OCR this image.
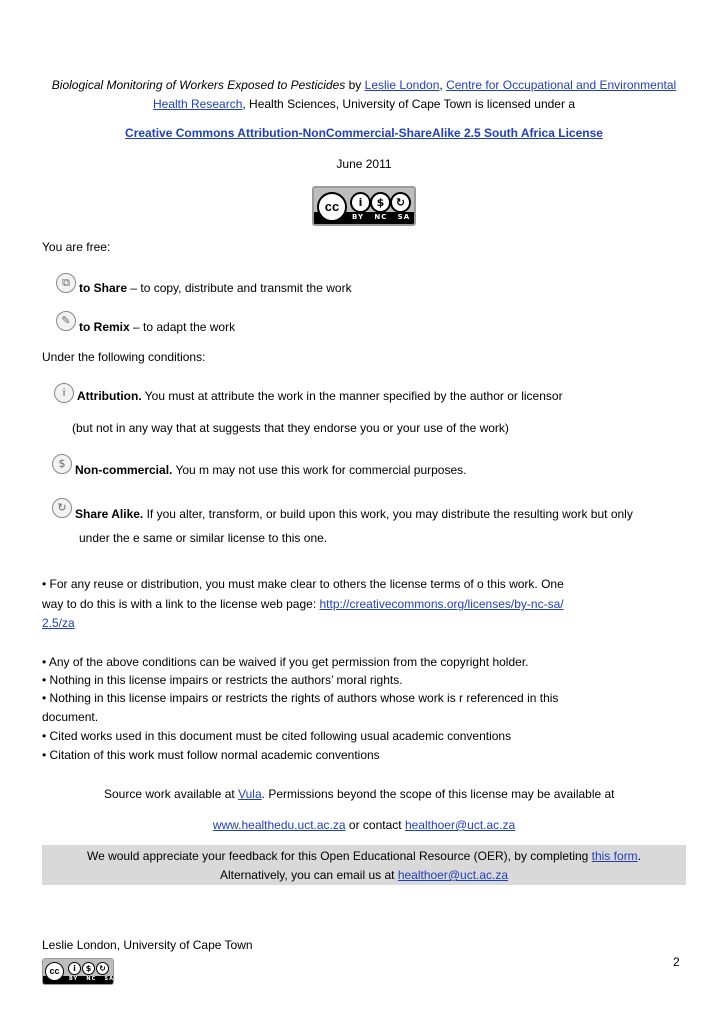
Biological Monitoring of Workers Exposed to Pesticides by Leslie London, Centre for Occupational and Environmental
Health Research, Health Sciences, University of Cape Town is licensed under a
Creative Commons Attribution-NonCommercial-ShareAlike 2.5 South Africa License
June 2011
cc	i	$	↻
BY NC SA
You are free:
⧉ to Share – to copy, distribute and transmit the work
✎ to Remix – to adapt the work
Under the following conditions:
i Attribution. You must at attribute the work in the manner specified by the author or licensor
(but not in any way that at suggests that they endorse you or your use of the work)
$ Non-commercial. You m may not use this work for commercial purposes.
↻ Share Alike. If you alter, transform, or build upon this work, you may distribute the resulting work but only
under the e same or similar license to this one.
• For any reuse or distribution, you must make clear to others the license terms of o this work. One
way to do this is with a link to the license web page: http://creativecommons.org/licenses/by-nc-sa/
2.5/za
• Any of the above conditions can be waived if you get permission from the copyright holder.
• Nothing in this license impairs or restricts the authors’ moral rights.
• Nothing in this license impairs or restricts the rights of authors whose work is r referenced in this
document.
• Cited works used in this document must be cited following usual academic conventions
• Citation of this work must follow normal academic conventions
Source work available at Vula. Permissions beyond the scope of this license may be available at
www.healthedu.uct.ac.za or contact healthoer@uct.ac.za
We would appreciate your feedback for this Open Educational Resource (OER), by completing this form.
Alternatively, you can email us at healthoer@uct.ac.za
Leslie London, University of Cape Town
2
cc	i	$ ↻
BY NC SA
